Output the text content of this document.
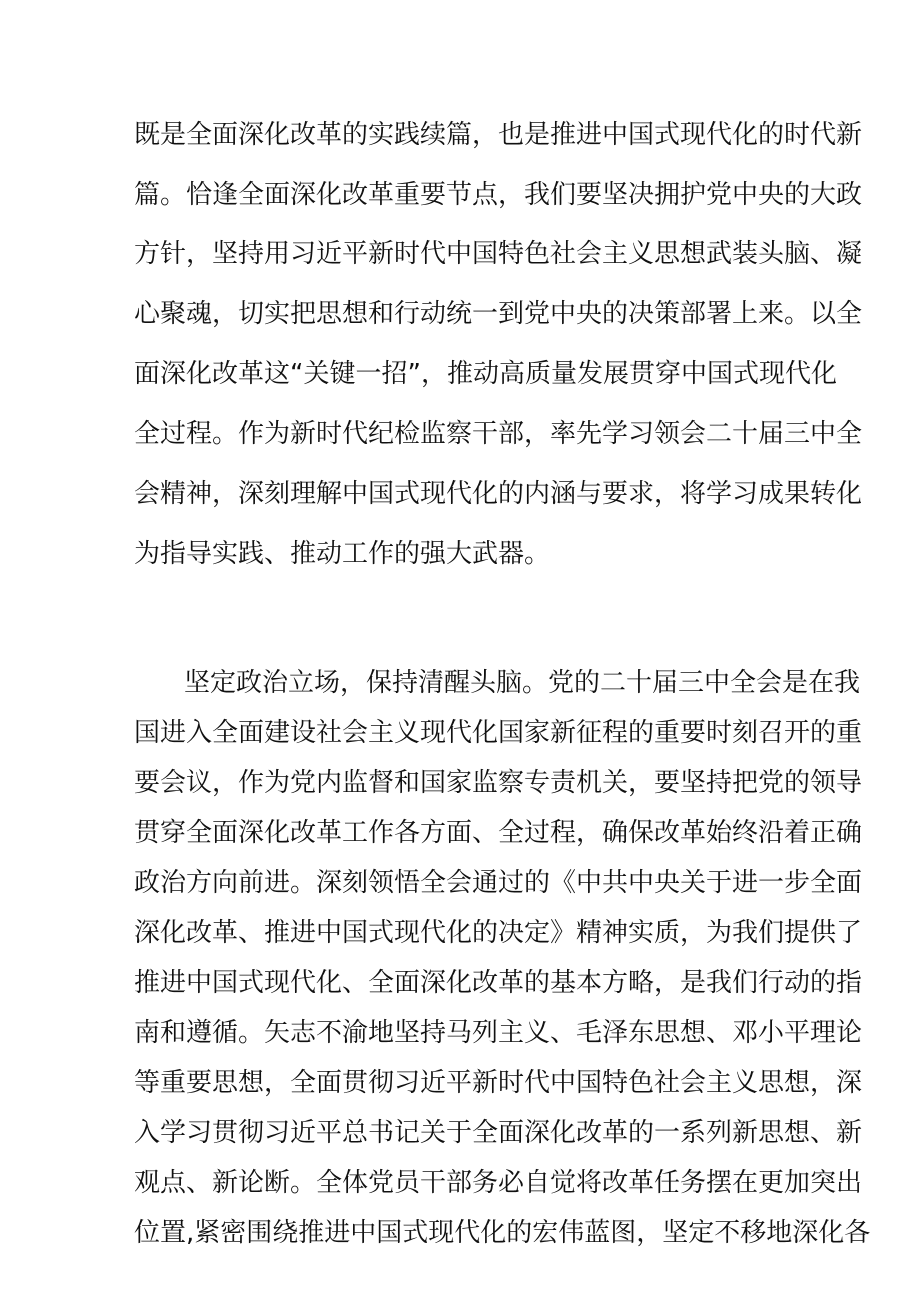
既是全面深化改革的实践续篇，也是推进中国式现代化的时代新
篇。恰逢全面深化改革重要节点，我们要坚决拥护党中央的大政
方针，坚持用习近平新时代中国特色社会主义思想武装头脑、凝
心聚魂，切实把思想和行动统一到党中央的决策部署上来。以全
面深化改革这“关键一招”，推动高质量发展贯穿中国式现代化
全过程。作为新时代纪检监察干部，率先学习领会二十届三中全
会精神，深刻理解中国式现代化的内涵与要求，将学习成果转化
为指导实践、推动工作的强大武器。
坚定政治立场，保持清醒头脑。党的二十届三中全会是在我
国进入全面建设社会主义现代化国家新征程的重要时刻召开的重
要会议，作为党内监督和国家监察专责机关，要坚持把党的领导
贯穿全面深化改革工作各方面、全过程，确保改革始终沿着正确
政治方向前进。深刻领悟全会通过的《中共中央关于进一步全面
深化改革、推进中国式现代化的决定》精神实质，为我们提供了
推进中国式现代化、全面深化改革的基本方略，是我们行动的指
南和遵循。矢志不渝地坚持马列主义、毛泽东思想、邓小平理论
等重要思想，全面贯彻习近平新时代中国特色社会主义思想，深
入学习贯彻习近平总书记关于全面深化改革的一系列新思想、新
观点、新论断。全体党员干部务必自觉将改革任务摆在更加突出
位置,紧密围绕推进中国式现代化的宏伟蓝图，坚定不移地深化各
